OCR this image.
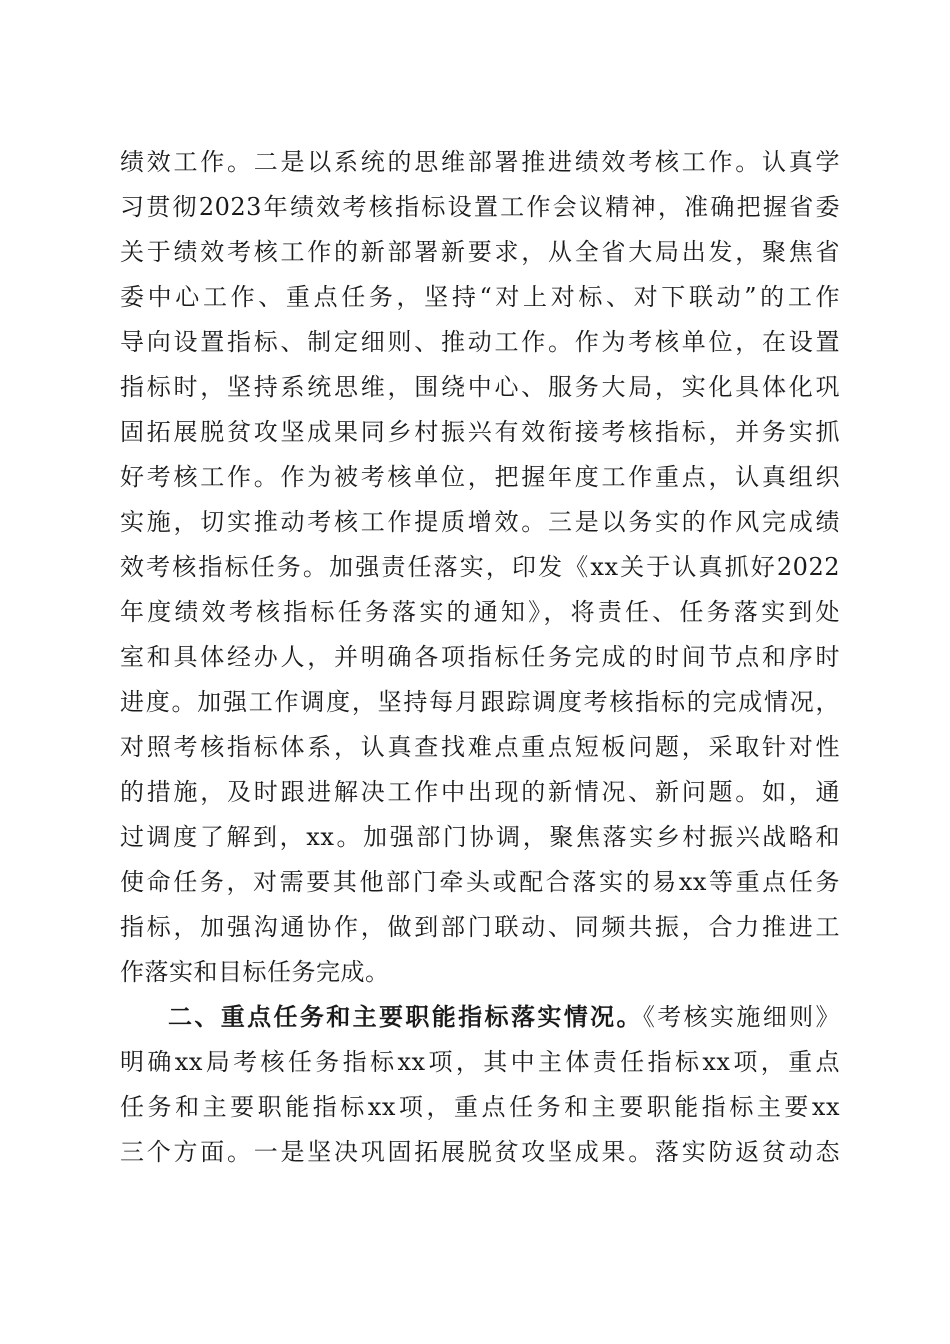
绩效工作。二是以系统的思维部署推进绩效考核工作。认真学
习贯彻2023年绩效考核指标设置工作会议精神，准确把握省委
关于绩效考核工作的新部署新要求，从全省大局出发，聚焦省
委中心工作、重点任务，坚持“对上对标、对下联动”的工作
导向设置指标、制定细则、推动工作。作为考核单位，在设置
指标时，坚持系统思维，围绕中心、服务大局，实化具体化巩
固拓展脱贫攻坚成果同乡村振兴有效衔接考核指标，并务实抓
好考核工作。作为被考核单位，把握年度工作重点，认真组织
实施，切实推动考核工作提质增效。三是以务实的作风完成绩
效考核指标任务。加强责任落实，印发《xx关于认真抓好2022
年度绩效考核指标任务落实的通知》，将责任、任务落实到处
室和具体经办人，并明确各项指标任务完成的时间节点和序时
进度。加强工作调度，坚持每月跟踪调度考核指标的完成情况，
对照考核指标体系，认真查找难点重点短板问题，采取针对性
的措施，及时跟进解决工作中出现的新情况、新问题。如，通
过调度了解到，xx。加强部门协调，聚焦落实乡村振兴战略和
使命任务，对需要其他部门牵头或配合落实的易xx等重点任务
指标，加强沟通协作，做到部门联动、同频共振，合力推进工
作落实和目标任务完成。
二、重点任务和主要职能指标落实情况。《考核实施细则》
明确xx局考核任务指标xx项，其中主体责任指标xx项，重点
任务和主要职能指标xx项，重点任务和主要职能指标主要xx
三个方面。一是坚决巩固拓展脱贫攻坚成果。落实防返贫动态
